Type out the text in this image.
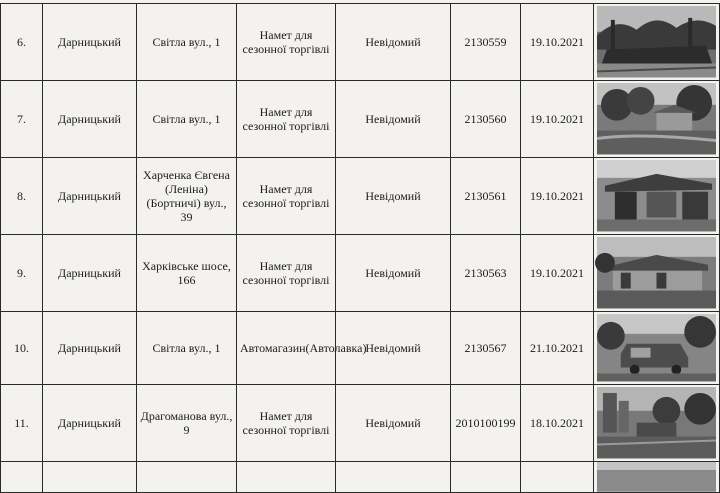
6.	Дарницький	Світла вул., 1	Намет для сезонної торгівлі	Невідомий	2130559	19.10.2021	

7.	Дарницький	Світла вул., 1	Намет для сезонної торгівлі	Невідомий	2130560	19.10.2021	

8.	Дарницький	Харченка Євгена (Леніна) (Бортничі) вул., 39	Намет для сезонної торгівлі	Невідомий	2130561	19.10.2021	

9.	Дарницький	Харківське шосе, 166	Намет для сезонної торгівлі	Невідомий	2130563	19.10.2021	

10.	Дарницький	Світла вул., 1	Автомагазин(Автолавка)	Невідомий	2130567	21.10.2021	

11.	Дарницький	Драгоманова вул., 9	Намет для сезонної торгівлі	Невідомий	2010100199	18.10.2021	
